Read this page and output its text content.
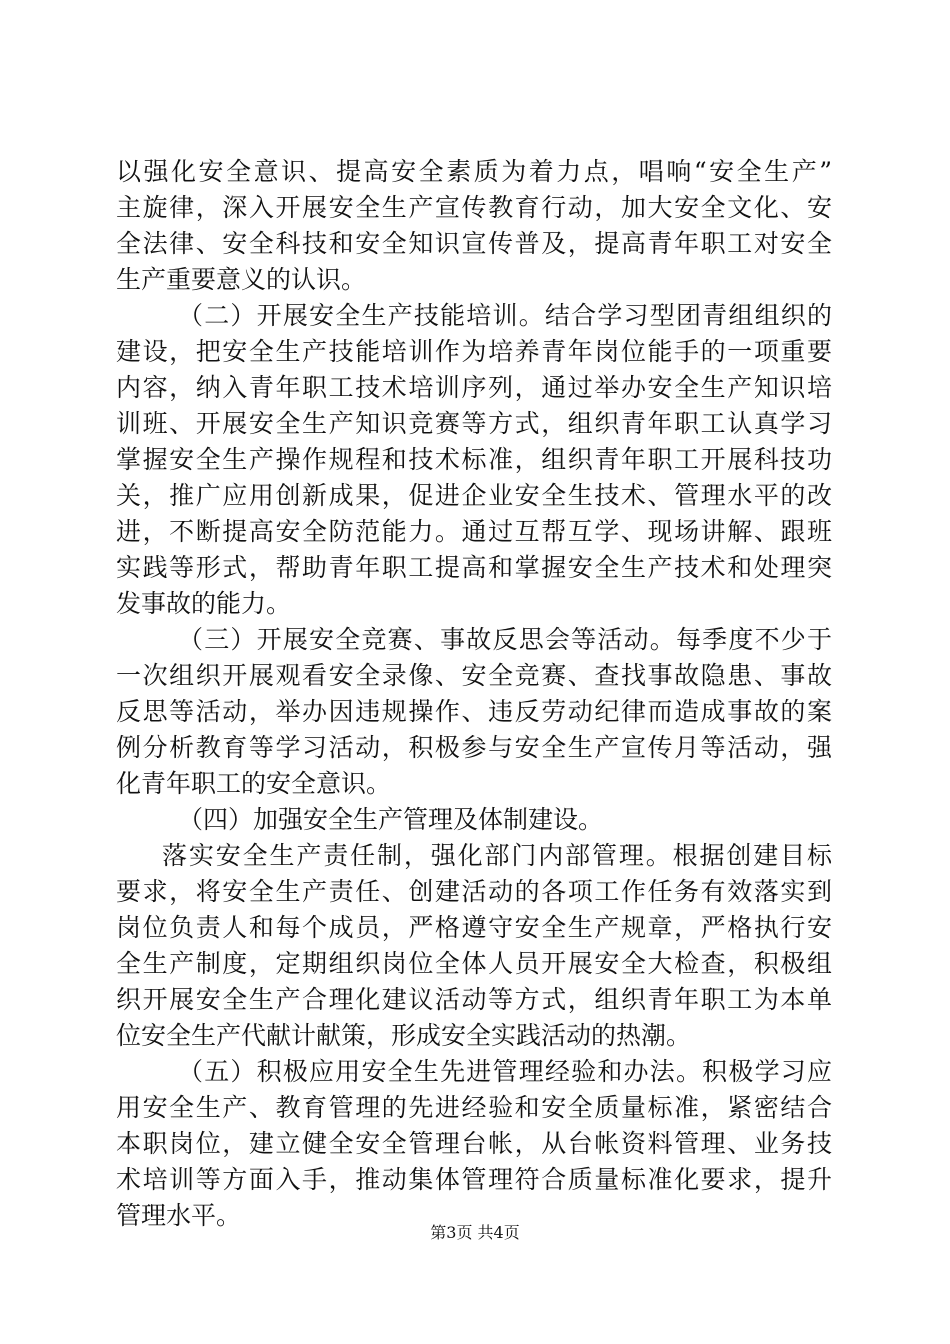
以强化安全意识、提高安全素质为着力点，唱响“安全生产”
主旋律，深入开展安全生产宣传教育行动，加大安全文化、安
全法律、安全科技和安全知识宣传普及，提高青年职工对安全
生产重要意义的认识。
（二）开展安全生产技能培训。结合学习型团青组组织的
建设，把安全生产技能培训作为培养青年岗位能手的一项重要
内容，纳入青年职工技术培训序列，通过举办安全生产知识培
训班、开展安全生产知识竞赛等方式，组织青年职工认真学习
掌握安全生产操作规程和技术标准，组织青年职工开展科技功
关，推广应用创新成果，促进企业安全生技术、管理水平的改
进，不断提高安全防范能力。通过互帮互学、现场讲解、跟班
实践等形式，帮助青年职工提高和掌握安全生产技术和处理突
发事故的能力。
（三）开展安全竞赛、事故反思会等活动。每季度不少于
一次组织开展观看安全录像、安全竞赛、查找事故隐患、事故
反思等活动，举办因违规操作、违反劳动纪律而造成事故的案
例分析教育等学习活动，积极参与安全生产宣传月等活动，强
化青年职工的安全意识。
（四）加强安全生产管理及体制建设。
落实安全生产责任制，强化部门内部管理。根据创建目标
要求，将安全生产责任、创建活动的各项工作任务有效落实到
岗位负责人和每个成员，严格遵守安全生产规章，严格执行安
全生产制度，定期组织岗位全体人员开展安全大检查，积极组
织开展安全生产合理化建议活动等方式，组织青年职工为本单
位安全生产代献计献策，形成安全实践活动的热潮。
（五）积极应用安全生先进管理经验和办法。积极学习应
用安全生产、教育管理的先进经验和安全质量标准，紧密结合
本职岗位，建立健全安全管理台帐，从台帐资料管理、业务技
术培训等方面入手，推动集体管理符合质量标准化要求，提升
管理水平。
第3页 共4页
